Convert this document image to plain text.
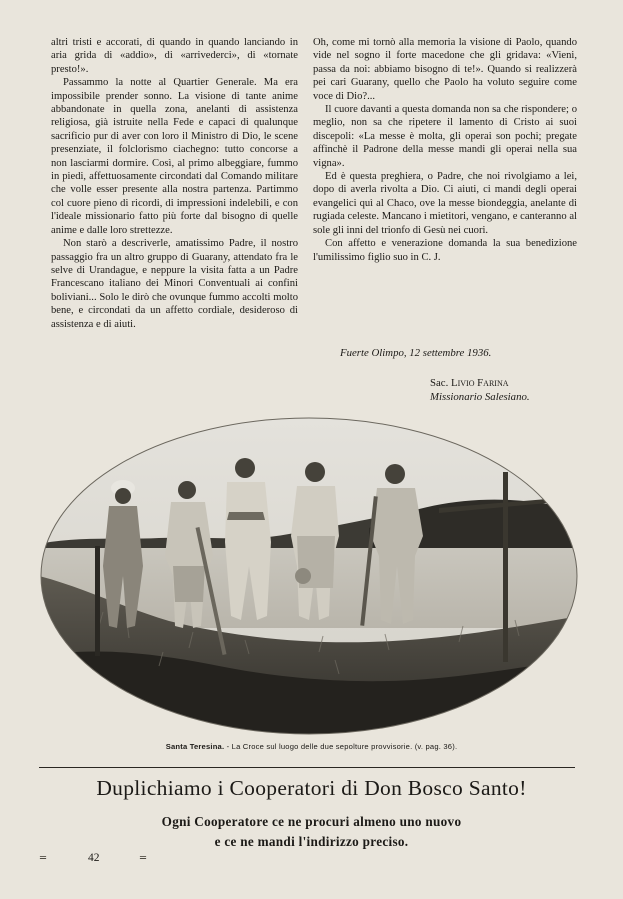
altri tristi e accorati, di quando in quando lanciando in aria grida di «addio», di «arrivederci», di «tornate presto!».

Passammo la notte al Quartier Generale. Ma era impossibile prender sonno. La visione di tante anime abbandonate in quella zona, anelanti di assistenza religiosa, già istruite nella Fede e capaci di qualunque sacrificio pur di aver con loro il Ministro di Dio, le scene presenziate, il folclorismo ciachegno: tutto concorse a non lasciarmi dormire. Così, al primo albeggiare, fummo in piedi, affettuosamente circondati dal Comando militare che volle esser presente alla nostra partenza. Partimmo col cuore pieno di ricordi, di impressioni indelebili, e con l'ideale missionario fatto più forte dal bisogno di quelle anime e dalle loro strettezze.

Non starò a descriverle, amatissimo Padre, il nostro passaggio fra un altro gruppo di Guarany, attendato fra le selve di Urandague, e neppure la visita fatta a un Padre Francescano italiano dei Minori Conventuali ai confini boliviani... Solo le dirò che ovunque fummo accolti molto bene, e circondati da un affetto cordiale, desideroso di assistenza e di aiuti.

Oh, come mi tornò alla memoria la visione di Paolo, quando vide nel sogno il forte macedone che gli gridava: «Vieni, passa da noi: abbiamo bisogno di te!». Quando si realizzerà pei cari Guarany, quello che Paolo ha voluto seguire come voce di Dio?...

Il cuore davanti a questa domanda non sa che rispondere; o meglio, non sa che ripetere il lamento di Cristo ai suoi discepoli: «La messe è molta, gli operai son pochi; pregate affinchè il Padrone della messe mandi gli operai nella sua vigna».

Ed è questa preghiera, o Padre, che noi rivolgiamo a lei, dopo di averla rivolta a Dio. Ci aiuti, ci mandi degli operai evangelici quì al Chaco, ove la messe biondeggia, anelante di rugiada celeste. Mancano i mietitori, vengano, e canteranno al sole gli inni del trionfo di Gesù nei cuori.

Con affetto e venerazione domanda la sua benedizione l'umilissimo figlio suo in C. J.

Fuerte Olimpo, 12 settembre 1936.
Sac. Livio Farina
Missionario Salesiano.
Santa Teresina. - La Croce sul luogo delle due sepolture provvisorie. (v. pag. 36).
Duplichiamo i Cooperatori di Don Bosco Santo!
Ogni Cooperatore ce ne procuri almeno uno nuovo
e ce ne mandi l'indirizzo preciso.
═	42	═
